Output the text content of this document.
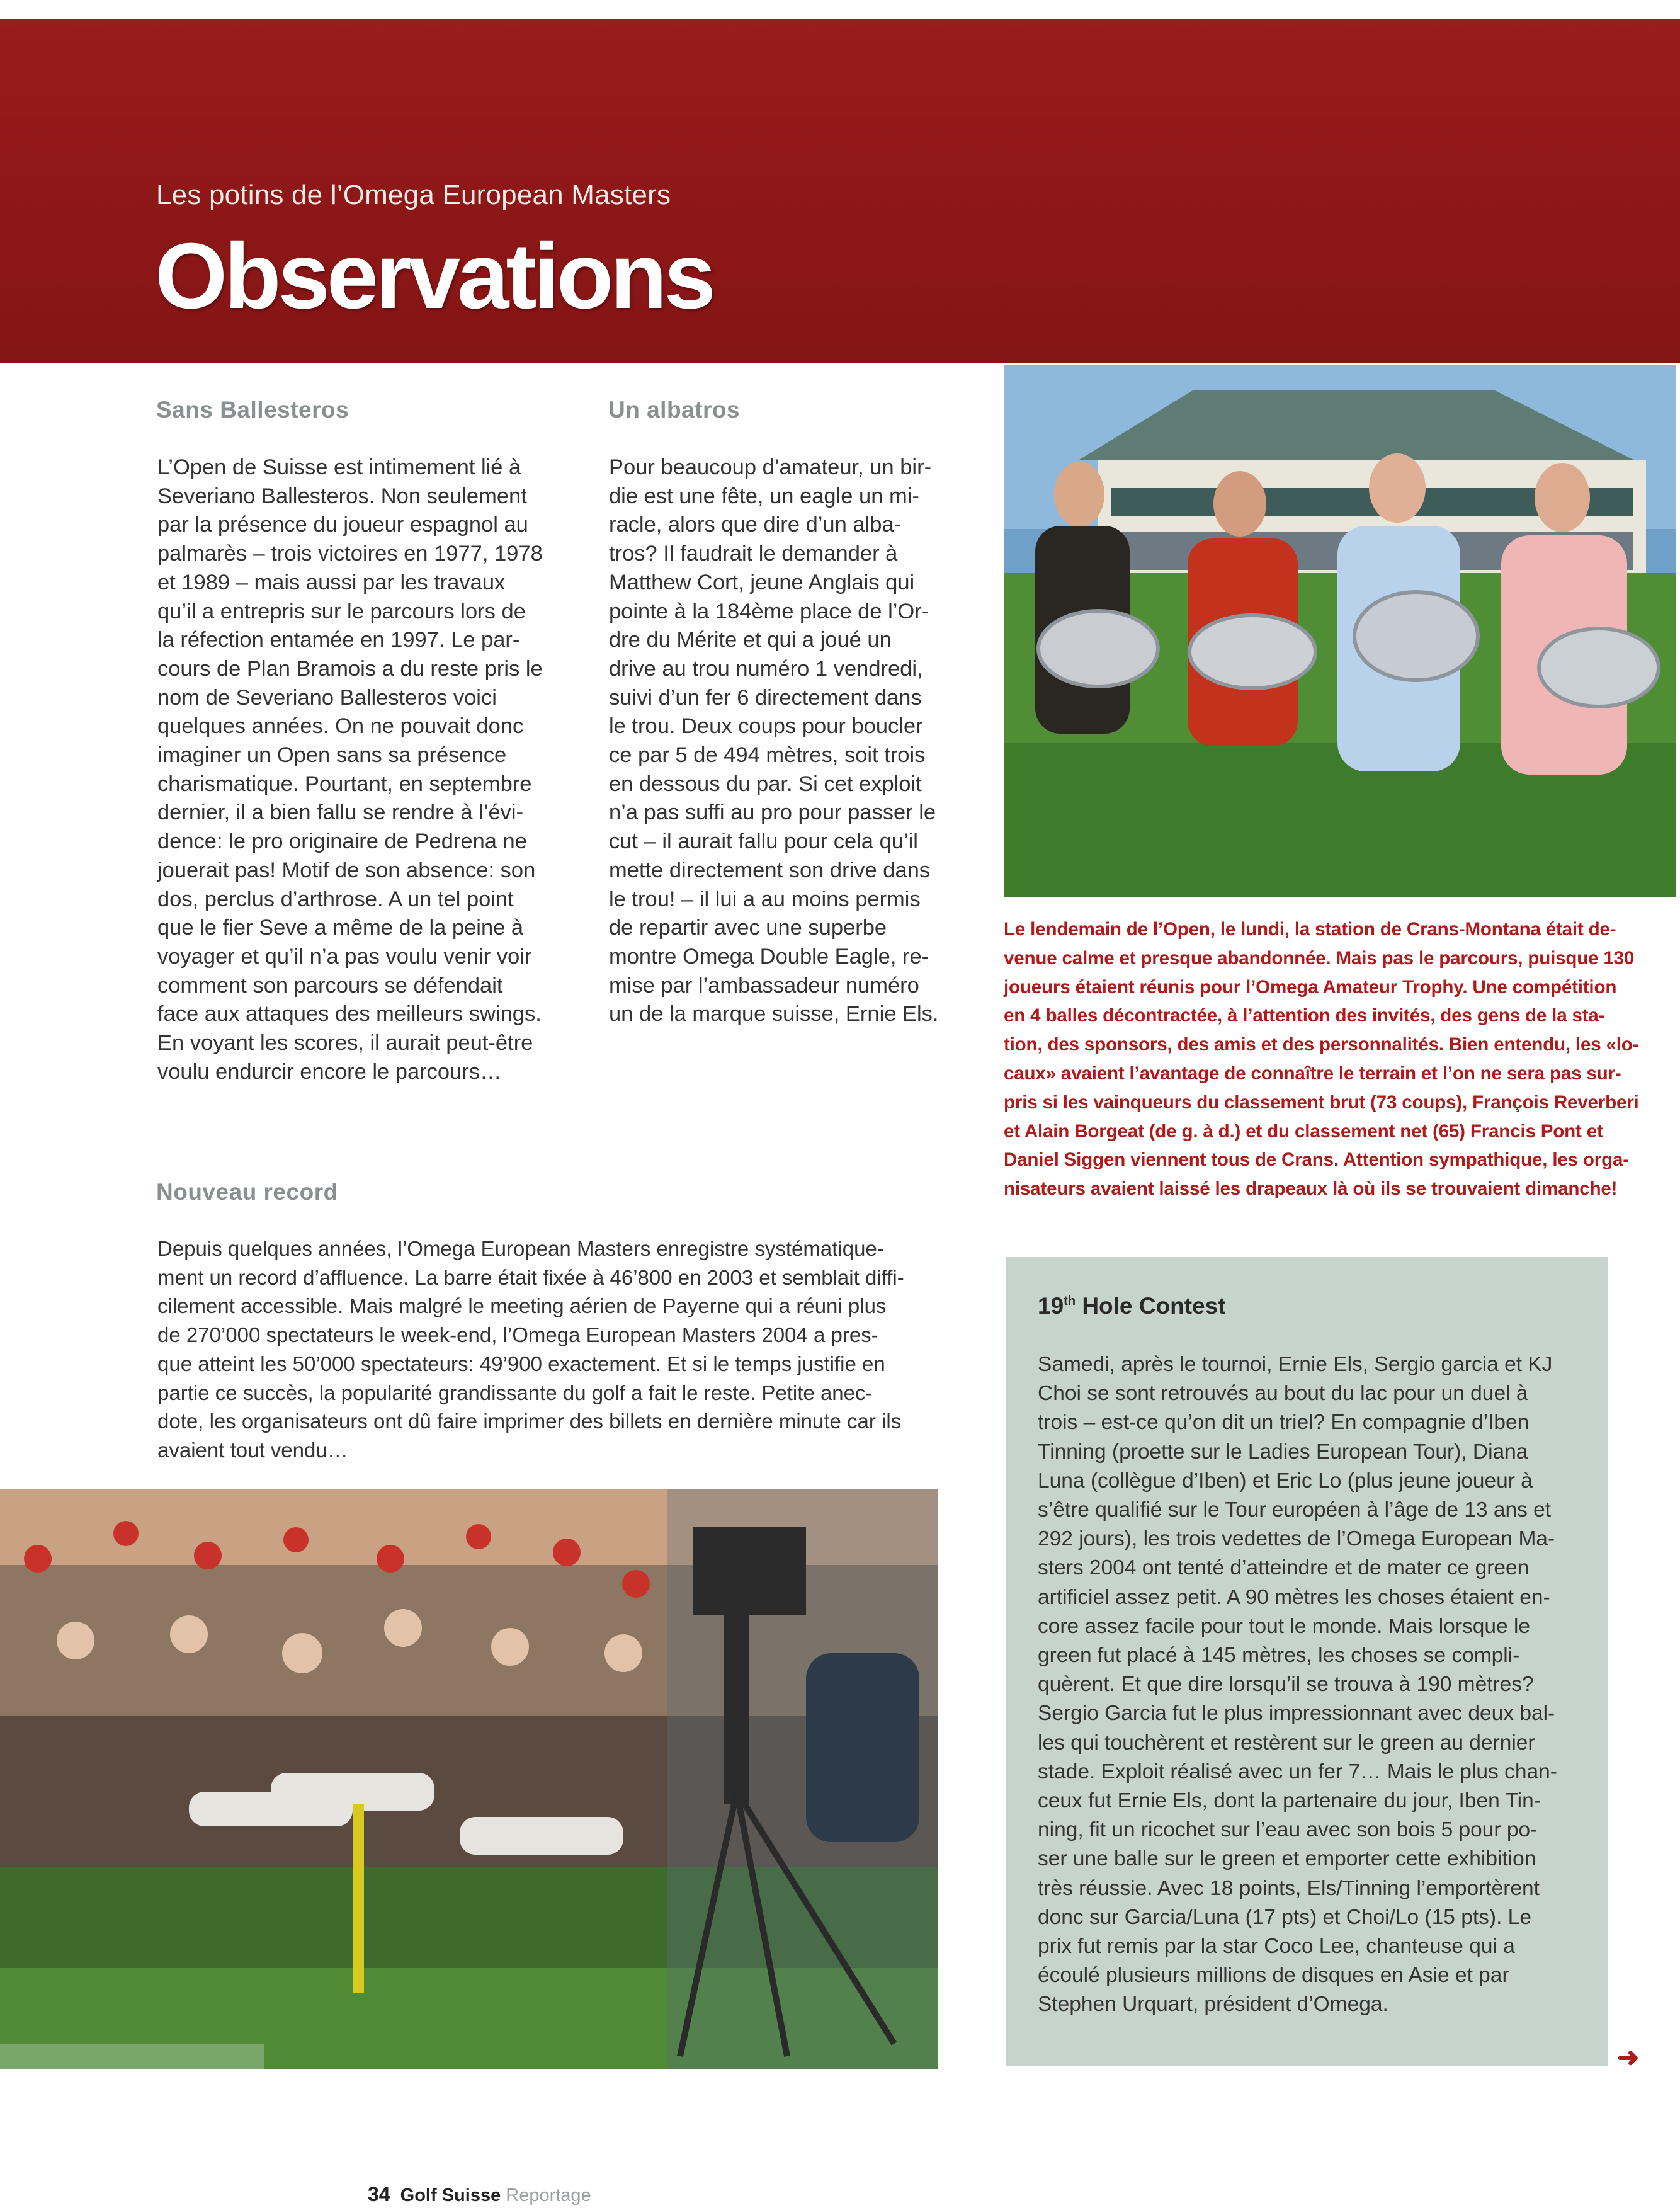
Les potins de l’Omega European Masters
Observations
Sans Ballesteros
L’Open de Suisse est intimement lié à
Severiano Ballesteros. Non seulement
par la présence du joueur espagnol au
palmarès – trois victoires en 1977, 1978
et 1989 – mais aussi par les travaux
qu’il a entrepris sur le parcours lors de
la réfection entamée en 1997. Le par-
cours de Plan Bramois a du reste pris le
nom de Severiano Ballesteros voici
quelques années. On ne pouvait donc
imaginer un Open sans sa présence
charismatique. Pourtant, en septembre
dernier, il a bien fallu se rendre à l’évi-
dence: le pro originaire de Pedrena ne
jouerait pas! Motif de son absence: son
dos, perclus d’arthrose. A un tel point
que le fier Seve a même de la peine à
voyager et qu’il n’a pas voulu venir voir
comment son parcours se défendait
face aux attaques des meilleurs swings.
En voyant les scores, il aurait peut-être
voulu endurcir encore le parcours…
Un albatros
Pour beaucoup d’amateur, un bir-
die est une fête, un eagle un mi-
racle, alors que dire d’un alba-
tros? Il faudrait le demander à
Matthew Cort, jeune Anglais qui
pointe à la 184ème place de l’Or-
dre du Mérite et qui a joué un
drive au trou numéro 1 vendredi,
suivi d’un fer 6 directement dans
le trou. Deux coups pour boucler
ce par 5 de 494 mètres, soit trois
en dessous du par. Si cet exploit
n’a pas suffi au pro pour passer le
cut – il aurait fallu pour cela qu’il
mette directement son drive dans
le trou! – il lui a au moins permis
de repartir avec une superbe
montre Omega Double Eagle, re-
mise par l’ambassadeur numéro
un de la marque suisse, Ernie Els.
Le lendemain de l’Open, le lundi, la station de Crans-Montana était de-
venue calme et presque abandonnée. Mais pas le parcours, puisque 130
joueurs étaient réunis pour l’Omega Amateur Trophy. Une compétition
en 4 balles décontractée, à l’attention des invités, des gens de la sta-
tion, des sponsors, des amis et des personnalités. Bien entendu, les «lo-
caux» avaient l’avantage de connaître le terrain et l’on ne sera pas sur-
pris si les vainqueurs du classement brut (73 coups), François Reverberi
et Alain Borgeat (de g. à d.) et du classement net (65) Francis Pont et
Daniel Siggen viennent tous de Crans. Attention sympathique, les orga-
nisateurs avaient laissé les drapeaux là où ils se trouvaient dimanche!
Nouveau record
Depuis quelques années, l’Omega European Masters enregistre systématique-
ment un record d’affluence. La barre était fixée à 46’800 en 2003 et semblait diffi-
cilement accessible. Mais malgré le meeting aérien de Payerne qui a réuni plus
de 270’000 spectateurs le week-end, l’Omega European Masters 2004 a pres-
que atteint les 50’000 spectateurs: 49’900 exactement. Et si le temps justifie en
partie ce succès, la popularité grandissante du golf a fait le reste. Petite anec-
dote, les organisateurs ont dû faire imprimer des billets en dernière minute car ils
avaient tout vendu…
19th Hole Contest
Samedi, après le tournoi, Ernie Els, Sergio garcia et KJ
Choi se sont retrouvés au bout du lac pour un duel à
trois – est-ce qu’on dit un triel? En compagnie d’Iben
Tinning (proette sur le Ladies European Tour), Diana
Luna (collègue d’Iben) et Eric Lo (plus jeune joueur à
s’être qualifié sur le Tour européen à l’âge de 13 ans et
292 jours), les trois vedettes de l’Omega European Ma-
sters 2004 ont tenté d’atteindre et de mater ce green
artificiel assez petit. A 90 mètres les choses étaient en-
core assez facile pour tout le monde. Mais lorsque le
green fut placé à 145 mètres, les choses se compli-
quèrent. Et que dire lorsqu’il se trouva à 190 mètres?
Sergio Garcia fut le plus impressionnant avec deux bal-
les qui touchèrent et restèrent sur le green au dernier
stade. Exploit réalisé avec un fer 7… Mais le plus chan-
ceux fut Ernie Els, dont la partenaire du jour, Iben Tin-
ning, fit un ricochet sur l’eau avec son bois 5 pour po-
ser une balle sur le green et emporter cette exhibition
très réussie. Avec 18 points, Els/Tinning l’emportèrent
donc sur Garcia/Luna (17 pts) et Choi/Lo (15 pts). Le
prix fut remis par la star Coco Lee, chanteuse qui a
écoulé plusieurs millions de disques en Asie et par
Stephen Urquart, président d’Omega.
➜
34 Golf Suisse Reportage
